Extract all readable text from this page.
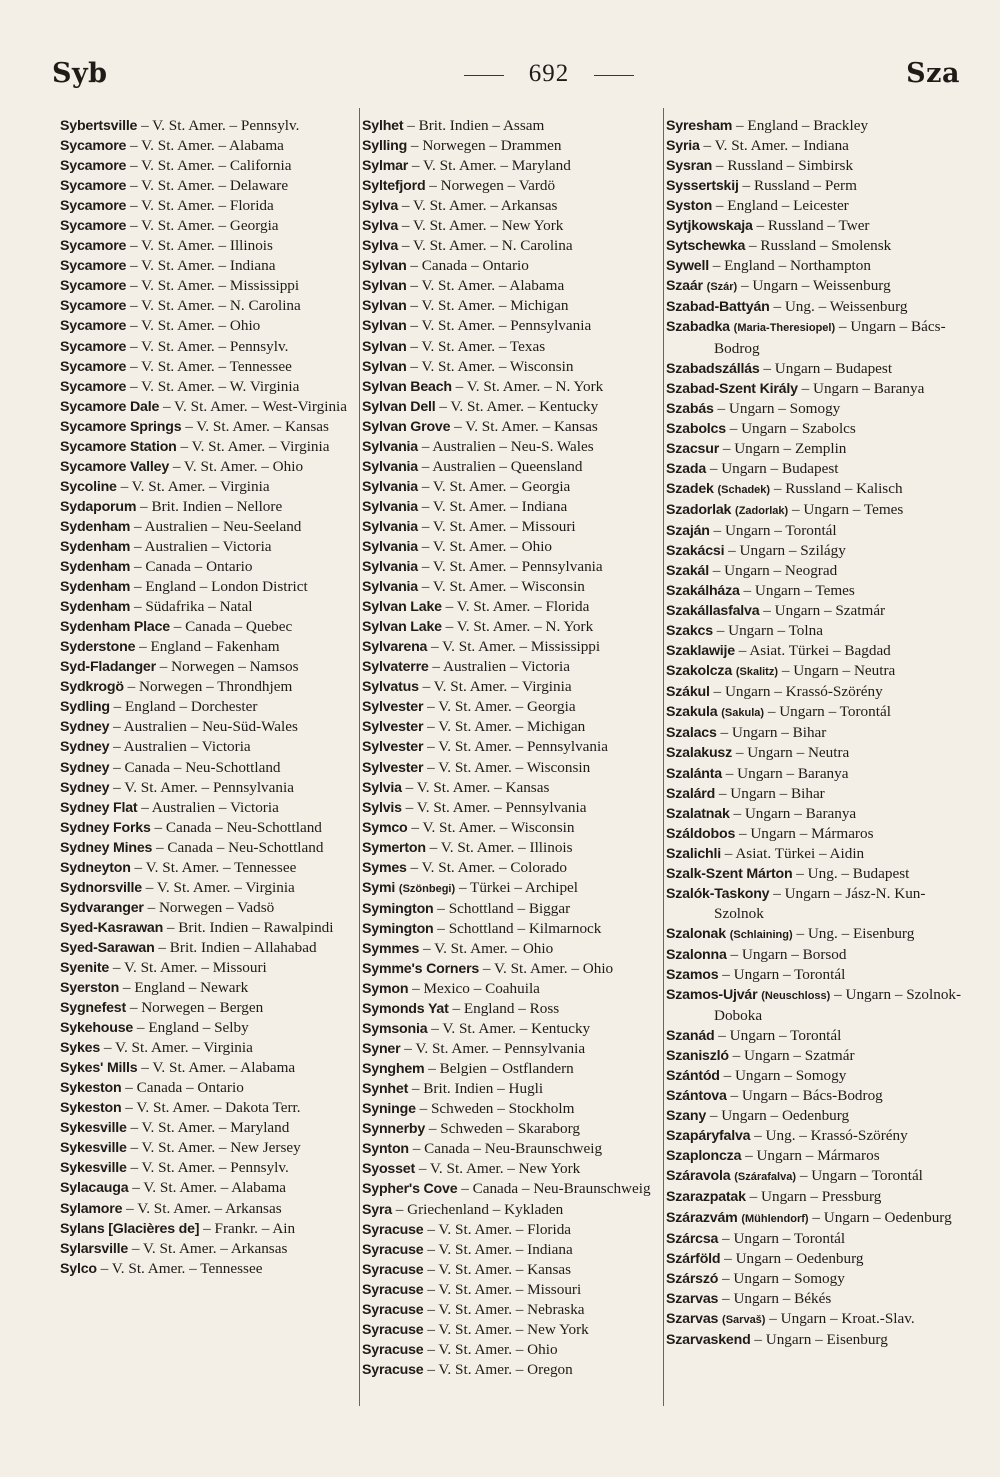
Syb	692	Sza
Sybertsville – V. St. Amer. – Pennsylv.
Sycamore – V. St. Amer. – Alabama
Sycamore – V. St. Amer. – California
Sycamore – V. St. Amer. – Delaware
Sycamore – V. St. Amer. – Florida
Sycamore – V. St. Amer. – Georgia
Sycamore – V. St. Amer. – Illinois
Sycamore – V. St. Amer. – Indiana
Sycamore – V. St. Amer. – Mississippi
Sycamore – V. St. Amer. – N. Carolina
Sycamore – V. St. Amer. – Ohio
Sycamore – V. St. Amer. – Pennsylv.
Sycamore – V. St. Amer. – Tennessee
Sycamore – V. St. Amer. – W. Virginia
Sycamore Dale – V. St. Amer. – West-Virginia
Sycamore Springs – V. St. Amer. – Kansas
Sycamore Station – V. St. Amer. – Virginia
Sycamore Valley – V. St. Amer. – Ohio
Sycoline – V. St. Amer. – Virginia
Sydaporum – Brit. Indien – Nellore
Sydenham – Australien – Neu-Seeland
Sydenham – Australien – Victoria
Sydenham – Canada – Ontario
Sydenham – England – London District
Sydenham – Südafrika – Natal
Sydenham Place – Canada – Quebec
Syderstone – England – Fakenham
Syd-Fladanger – Norwegen – Namsos
Sydkrogö – Norwegen – Throndhjem
Sydling – England – Dorchester
Sydney – Australien – Neu-Süd-Wales
Sydney – Australien – Victoria
Sydney – Canada – Neu-Schottland
Sydney – V. St. Amer. – Pennsylvania
Sydney Flat – Australien – Victoria
Sydney Forks – Canada – Neu-Schottland
Sydney Mines – Canada – Neu-Schottland
Sydneyton – V. St. Amer. – Tennessee
Sydnorsville – V. St. Amer. – Virginia
Sydvaranger – Norwegen – Vadsö
Syed-Kasrawan – Brit. Indien – Rawalpindi
Syed-Sarawan – Brit. Indien – Allahabad
Syenite – V. St. Amer. – Missouri
Syerston – England – Newark
Sygnefest – Norwegen – Bergen
Sykehouse – England – Selby
Sykes – V. St. Amer. – Virginia
Sykes' Mills – V. St. Amer. – Alabama
Sykeston – Canada – Ontario
Sykeston – V. St. Amer. – Dakota Terr.
Sykesville – V. St. Amer. – Maryland
Sykesville – V. St. Amer. – New Jersey
Sykesville – V. St. Amer. – Pennsylv.
Sylacauga – V. St. Amer. – Alabama
Sylamore – V. St. Amer. – Arkansas
Sylans [Glacières de] – Frankr. – Ain
Sylarsville – V. St. Amer. – Arkansas
Sylco – V. St. Amer. – Tennessee
Sylhet – Brit. Indien – Assam
Sylling – Norwegen – Drammen
Sylmar – V. St. Amer. – Maryland
Syltefjord – Norwegen – Vardö
Sylva – V. St. Amer. – Arkansas
Sylva – V. St. Amer. – New York
Sylva – V. St. Amer. – N. Carolina
Sylvan – Canada – Ontario
Sylvan – V. St. Amer. – Alabama
Sylvan – V. St. Amer. – Michigan
Sylvan – V. St. Amer. – Pennsylvania
Sylvan – V. St. Amer. – Texas
Sylvan – V. St. Amer. – Wisconsin
Sylvan Beach – V. St. Amer. – N. York
Sylvan Dell – V. St. Amer. – Kentucky
Sylvan Grove – V. St. Amer. – Kansas
Sylvania – Australien – Neu-S. Wales
Sylvania – Australien – Queensland
Sylvania – V. St. Amer. – Georgia
Sylvania – V. St. Amer. – Indiana
Sylvania – V. St. Amer. – Missouri
Sylvania – V. St. Amer. – Ohio
Sylvania – V. St. Amer. – Pennsylvania
Sylvania – V. St. Amer. – Wisconsin
Sylvan Lake – V. St. Amer. – Florida
Sylvan Lake – V. St. Amer. – N. York
Sylvarena – V. St. Amer. – Mississippi
Sylvaterre – Australien – Victoria
Sylvatus – V. St. Amer. – Virginia
Sylvester – V. St. Amer. – Georgia
Sylvester – V. St. Amer. – Michigan
Sylvester – V. St. Amer. – Pennsylvania
Sylvester – V. St. Amer. – Wisconsin
Sylvia – V. St. Amer. – Kansas
Sylvis – V. St. Amer. – Pennsylvania
Symco – V. St. Amer. – Wisconsin
Symerton – V. St. Amer. – Illinois
Symes – V. St. Amer. – Colorado
Symi (Szönbegi) – Türkei – Archipel
Symington – Schottland – Biggar
Symington – Schottland – Kilmarnock
Symmes – V. St. Amer. – Ohio
Symme's Corners – V. St. Amer. – Ohio
Symon – Mexico – Coahuila
Symonds Yat – England – Ross
Symsonia – V. St. Amer. – Kentucky
Syner – V. St. Amer. – Pennsylvania
Synghem – Belgien – Ostflandern
Synhet – Brit. Indien – Hugli
Syninge – Schweden – Stockholm
Synnerby – Schweden – Skaraborg
Synton – Canada – Neu-Braunschweig
Syosset – V. St. Amer. – New York
Sypher's Cove – Canada – Neu-Braunschweig
Syra – Griechenland – Kykladen
Syracuse – V. St. Amer. – Florida
Syracuse – V. St. Amer. – Indiana
Syracuse – V. St. Amer. – Kansas
Syracuse – V. St. Amer. – Missouri
Syracuse – V. St. Amer. – Nebraska
Syracuse – V. St. Amer. – New York
Syracuse – V. St. Amer. – Ohio
Syracuse – V. St. Amer. – Oregon
Syresham – England – Brackley
Syria – V. St. Amer. – Indiana
Sysran – Russland – Simbirsk
Syssertskij – Russland – Perm
Syston – England – Leicester
Sytjkowskaja – Russland – Twer
Sytschewka – Russland – Smolensk
Sywell – England – Northampton
Szaár (Szár) – Ungarn – Weissenburg
Szabad-Battyán – Ung. – Weissenburg
Szabadka (Maria-Theresiopel) – Ungarn – Bács-Bodrog
Szabadszállás – Ungarn – Budapest
Szabad-Szent Király – Ungarn – Baranya
Szabás – Ungarn – Somogy
Szabolcs – Ungarn – Szabolcs
Szacsur – Ungarn – Zemplin
Szada – Ungarn – Budapest
Szadek (Schadek) – Russland – Kalisch
Szadorlak (Zadorlak) – Ungarn – Temes
Szaján – Ungarn – Torontál
Szakácsi – Ungarn – Szilágy
Szakál – Ungarn – Neograd
Szakálháza – Ungarn – Temes
Szakállasfalva – Ungarn – Szatmár
Szakcs – Ungarn – Tolna
Szaklawije – Asiat. Türkei – Bagdad
Szakolcza (Skalitz) – Ungarn – Neutra
Szákul – Ungarn – Krassó-Szörény
Szakula (Sakula) – Ungarn – Torontál
Szalacs – Ungarn – Bihar
Szalakusz – Ungarn – Neutra
Szalánta – Ungarn – Baranya
Szalárd – Ungarn – Bihar
Szalatnak – Ungarn – Baranya
Száldobos – Ungarn – Mármaros
Szalichli – Asiat. Türkei – Aidin
Szalk-Szent Márton – Ung. – Budapest
Szalók-Taskony – Ungarn – Jász-N. Kun-Szolnok
Szalonak (Schlaining) – Ung. – Eisenburg
Szalonna – Ungarn – Borsod
Szamos – Ungarn – Torontál
Szamos-Ujvár (Neuschloss) – Ungarn – Szolnok-Doboka
Szanád – Ungarn – Torontál
Szaniszló – Ungarn – Szatmár
Szántód – Ungarn – Somogy
Szántova – Ungarn – Bács-Bodrog
Szany – Ungarn – Oedenburg
Szapáryfalva – Ung. – Krassó-Szörény
Szaploncza – Ungarn – Mármaros
Száravola (Szárafalva) – Ungarn – Torontál
Szarazpatak – Ungarn – Pressburg
Szárazvám (Mühlendorf) – Ungarn – Oedenburg
Szárcsa – Ungarn – Torontál
Szárföld – Ungarn – Oedenburg
Szárszó – Ungarn – Somogy
Szarvas – Ungarn – Békés
Szarvas (Sarvaš) – Ungarn – Kroat.-Slav.
Szarvaskend – Ungarn – Eisenburg
